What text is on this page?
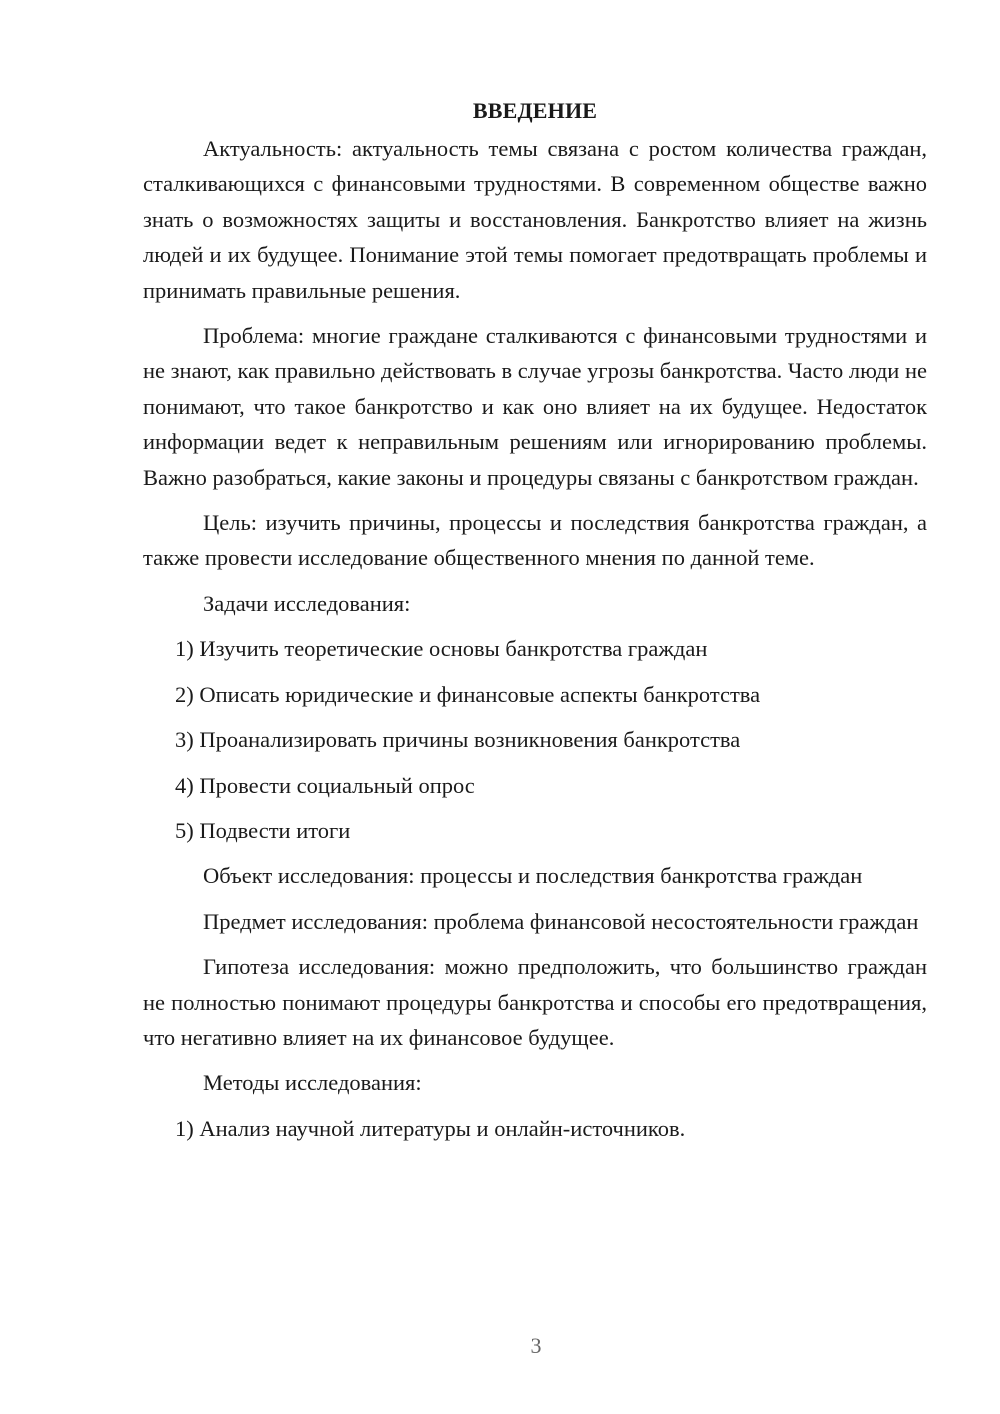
ВВЕДЕНИЕ

Актуальность: актуальность темы связана с ростом количества граждан, сталкивающихся с финансовыми трудностями. В современном обществе важно знать о возможностях защиты и восстановления. Банкротство влияет на жизнь людей и их будущее. Понимание этой темы помогает предотвращать проблемы и принимать правильные решения.

Проблема: многие граждане сталкиваются с финансовыми трудностями и не знают, как правильно действовать в случае угрозы банкротства. Часто люди не понимают, что такое банкротство и как оно влияет на их будущее. Недостаток информации ведет к неправильным решениям или игнорированию проблемы. Важно разобраться, какие законы и процедуры связаны с банкротством граждан.

Цель: изучить причины, процессы и последствия банкротства граждан, а также провести исследование общественного мнения по данной теме.

Задачи исследования:

1) Изучить теоретические основы банкротства граждан

2) Описать юридические и финансовые аспекты банкротства

3) Проанализировать причины возникновения банкротства

4) Провести социальный опрос

5) Подвести итоги

Объект исследования: процессы и последствия банкротства граждан

Предмет исследования: проблема финансовой несостоятельности граждан

Гипотеза исследования: можно предположить, что большинство граждан не полностью понимают процедуры банкротства и способы его предотвращения, что негативно влияет на их финансовое будущее.

Методы исследования:

1) Анализ научной литературы и онлайн-источников.

3
